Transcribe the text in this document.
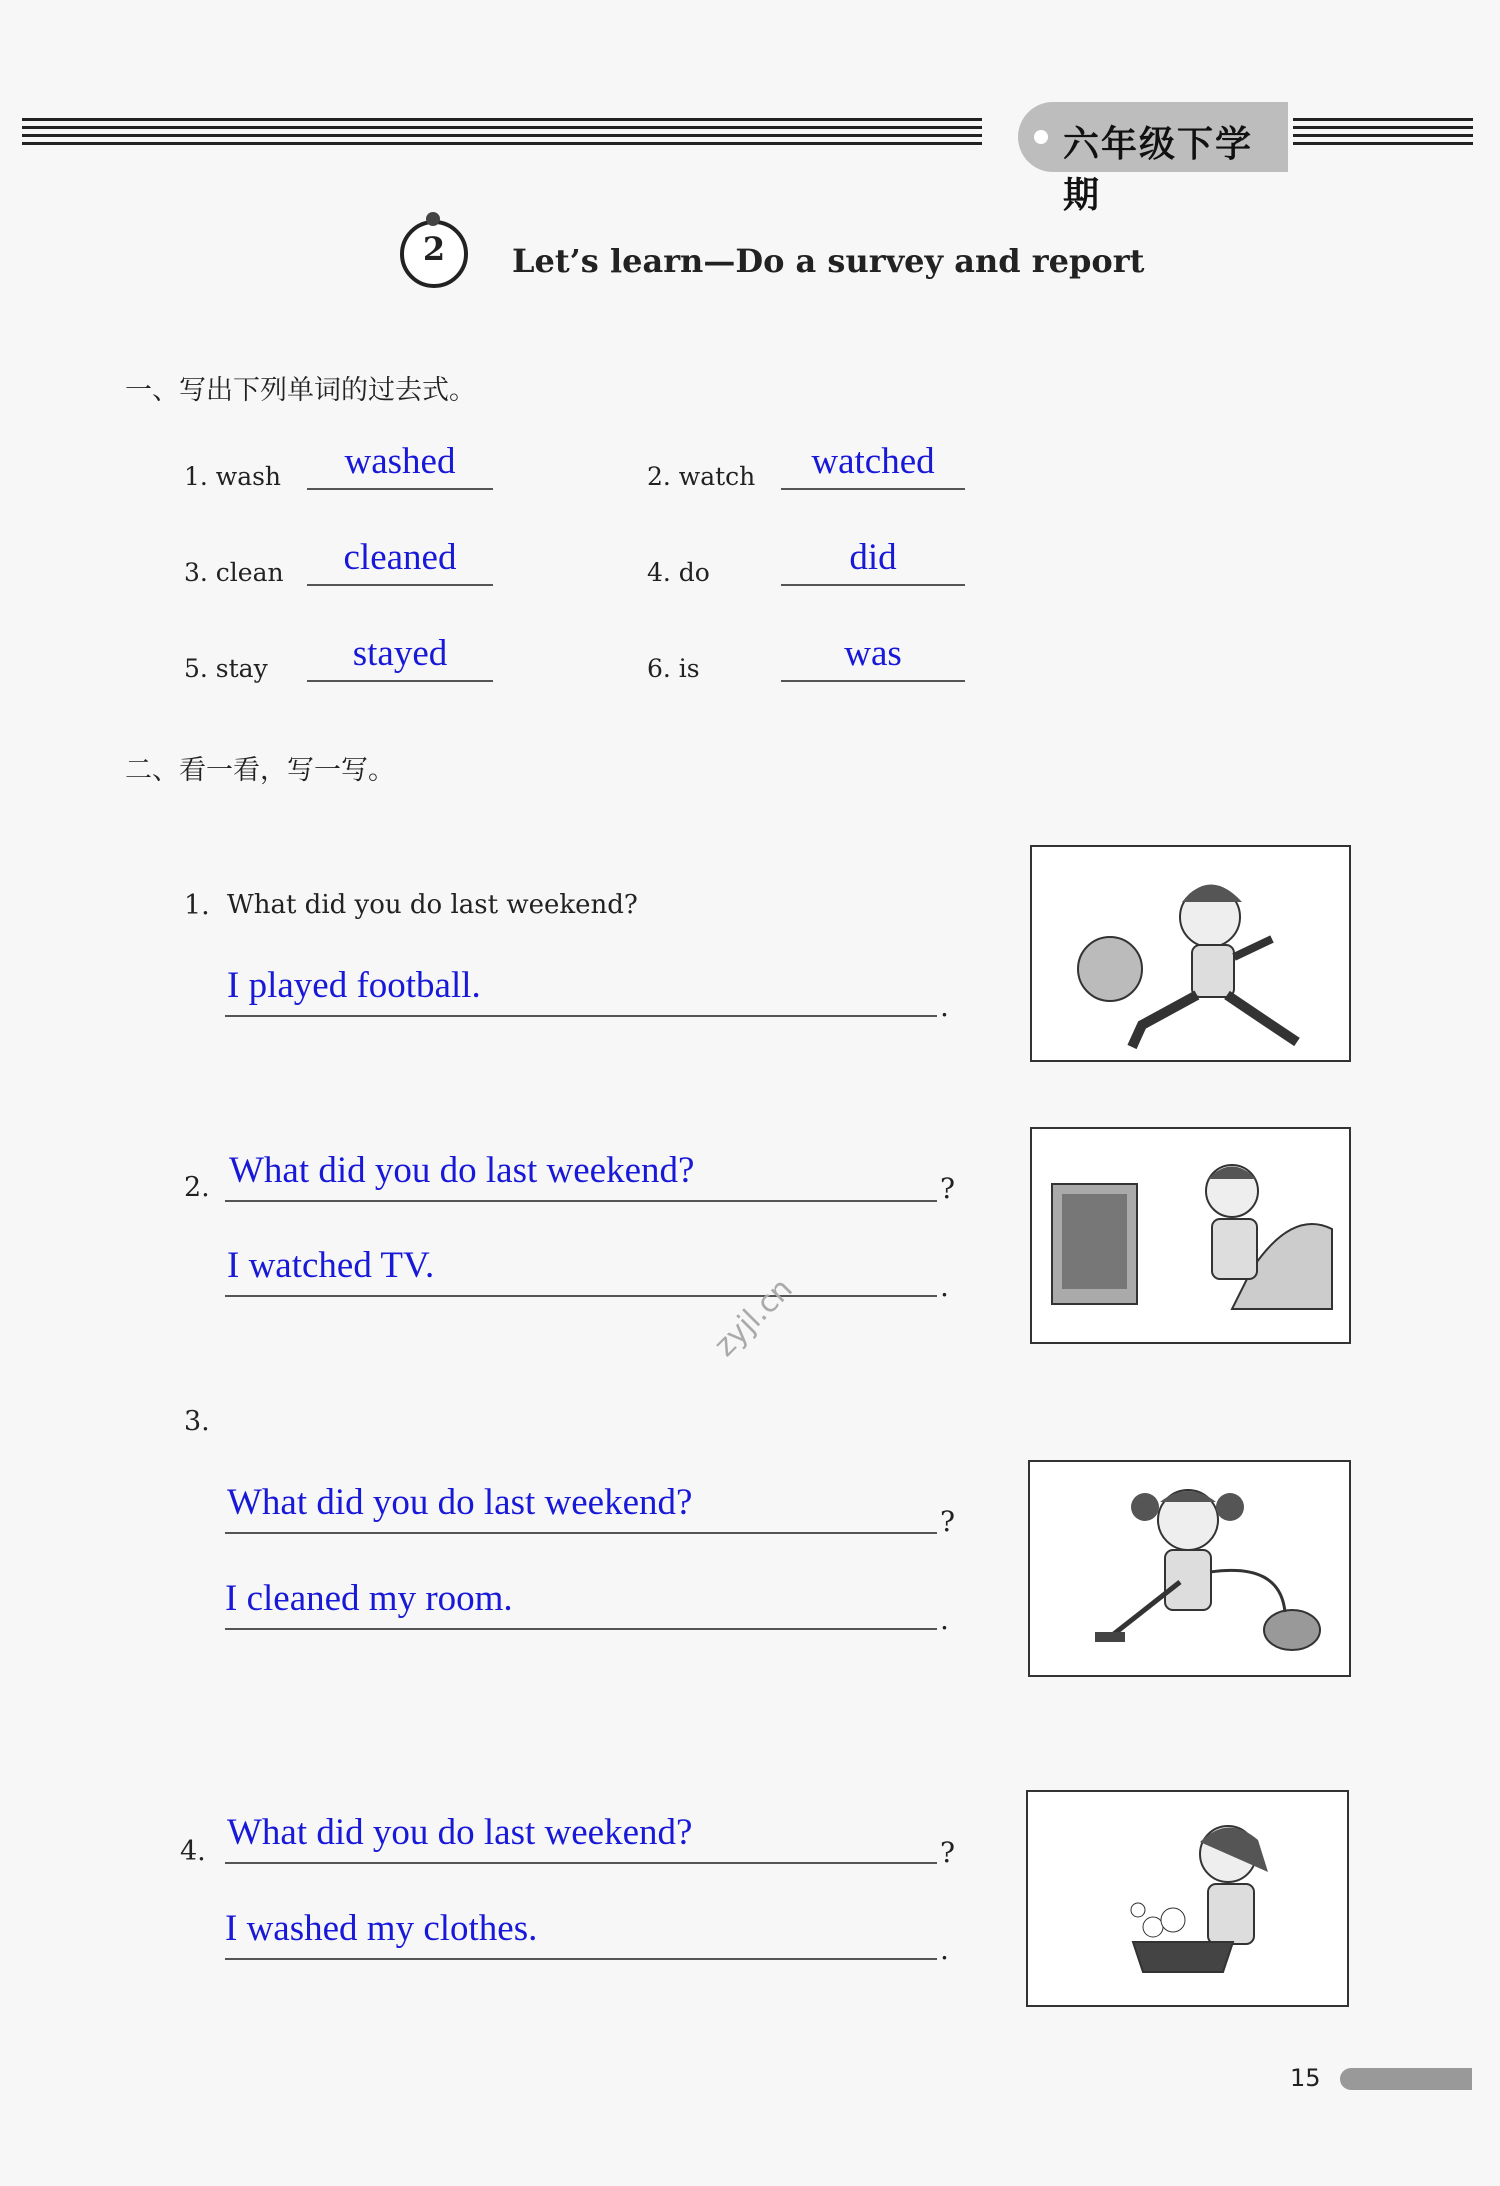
六年级下学期
2	Let’s learn—Do a survey and report
一、写出下列单词的过去式。
1. wash	washed	2. watch	watched
3. clean	cleaned	4. do	did
5. stay	stayed	6. is	was
二、看一看，写一写。
1. What did you do last weekend?
I played football.
.
2. What did you do last weekend?	?
I watched TV.
.
zyjl.cn
3.
What did you do last weekend?	?
I cleaned my room.
.
4. What did you do last weekend?	?
I washed my clothes.
.
15
